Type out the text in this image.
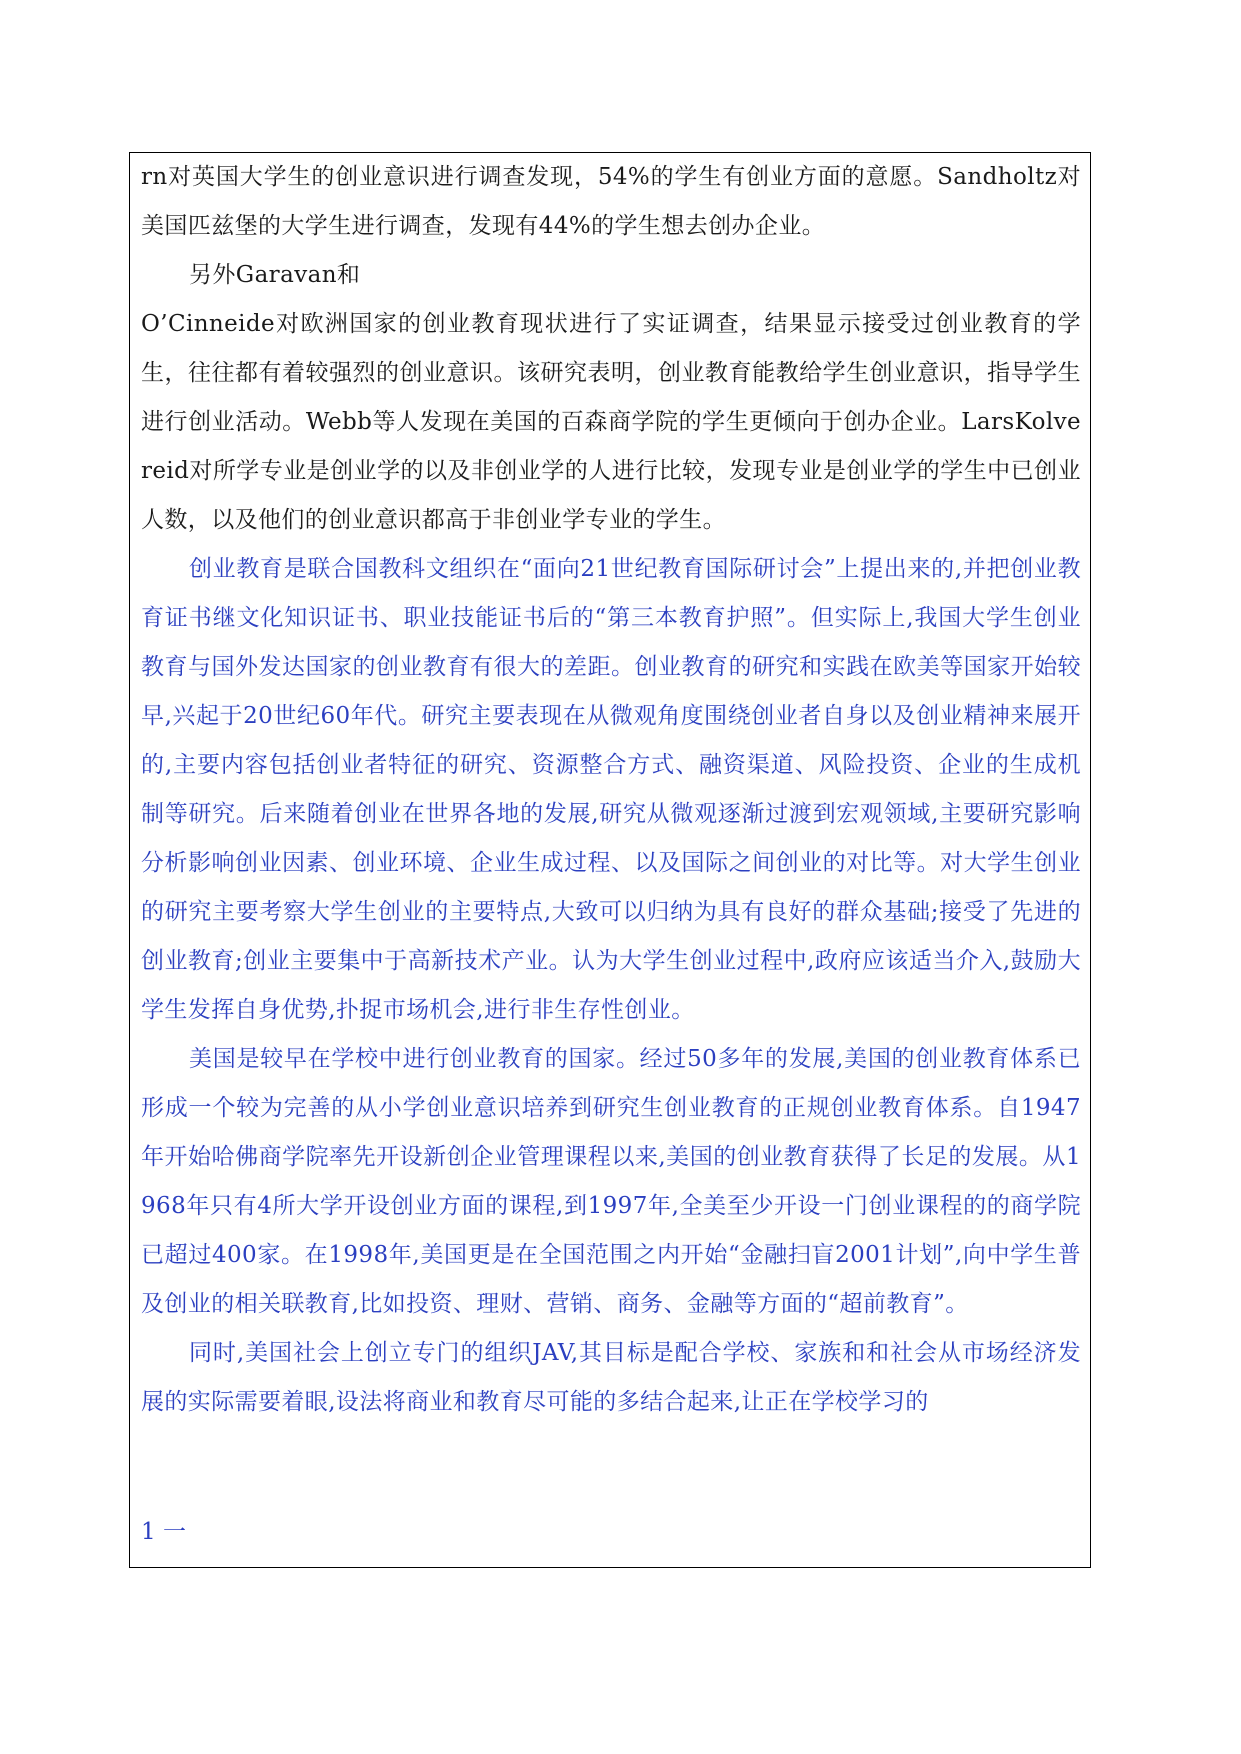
rn对英国大学生的创业意识进行调查发现，54%的学生有创业方面的意愿。Sandholtz对美国匹兹堡的大学生进行调查，发现有44%的学生想去创办企业。

另外Garavan和

O’Cinneide对欧洲国家的创业教育现状进行了实证调查，结果显示接受过创业教育的学生，往往都有着较强烈的创业意识。该研究表明，创业教育能教给学生创业意识，指导学生进行创业活动。Webb等人发现在美国的百森商学院的学生更倾向于创办企业。LarsKolvereid对所学专业是创业学的以及非创业学的人进行比较，发现专业是创业学的学生中已创业人数，以及他们的创业意识都高于非创业学专业的学生。

创业教育是联合国教科文组织在“面向21世纪教育国际研讨会”上提出来的,并把创业教育证书继文化知识证书、职业技能证书后的“第三本教育护照”。但实际上,我国大学生创业教育与国外发达国家的创业教育有很大的差距。创业教育的研究和实践在欧美等国家开始较早,兴起于20世纪60年代。研究主要表现在从微观角度围绕创业者自身以及创业精神来展开的,主要内容包括创业者特征的研究、资源整合方式、融资渠道、风险投资、企业的生成机制等研究。后来随着创业在世界各地的发展,研究从微观逐渐过渡到宏观领域,主要研究影响分析影响创业因素、创业环境、企业生成过程、以及国际之间创业的对比等。对大学生创业的研究主要考察大学生创业的主要特点,大致可以归纳为具有良好的群众基础;接受了先进的创业教育;创业主要集中于高新技术产业。认为大学生创业过程中,政府应该适当介入,鼓励大学生发挥自身优势,扑捉市场机会,进行非生存性创业。

美国是较早在学校中进行创业教育的国家。经过50多年的发展,美国的创业教育体系已形成一个较为完善的从小学创业意识培养到研究生创业教育的正规创业教育体系。自1947年开始哈佛商学院率先开设新创企业管理课程以来,美国的创业教育获得了长足的发展。从1968年只有4所大学开设创业方面的课程,到1997年,全美至少开设一门创业课程的的商学院已超过400家。在1998年,美国更是在全国范围之内开始“金融扫盲2001计划”,向中学生普及创业的相关联教育,比如投资、理财、营销、商务、金融等方面的“超前教育”。

同时,美国社会上创立专门的组织JAV,其目标是配合学校、家族和和社会从市场经济发展的实际需要着眼,设法将商业和教育尽可能的多结合起来,让正在学校学习的

1 一
